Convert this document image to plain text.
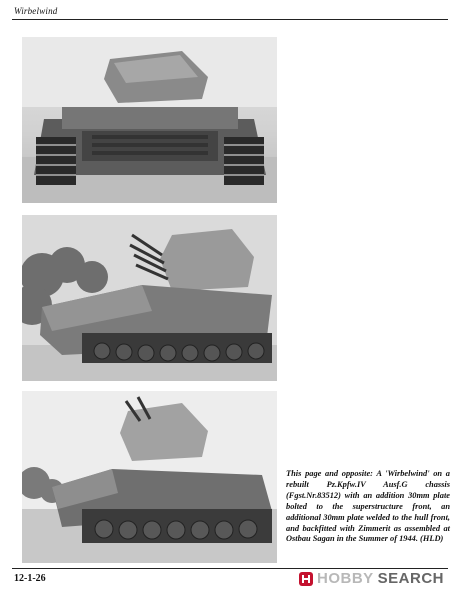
Wirbelwind
This page and opposite: A 'Wirbelwind' on a rebuilt Pz.Kpfw.IV Ausf.G chassis (Fgst.Nr.83512) with an addition 30mm plate bolted to the superstructure front, an additional 30mm plate welded to the hull front, and backfitted with Zimmerit as assembled at Ostbau Sagan in the Summer of 1944. (HLD)
12-1-26	HOBBY SEARCH
